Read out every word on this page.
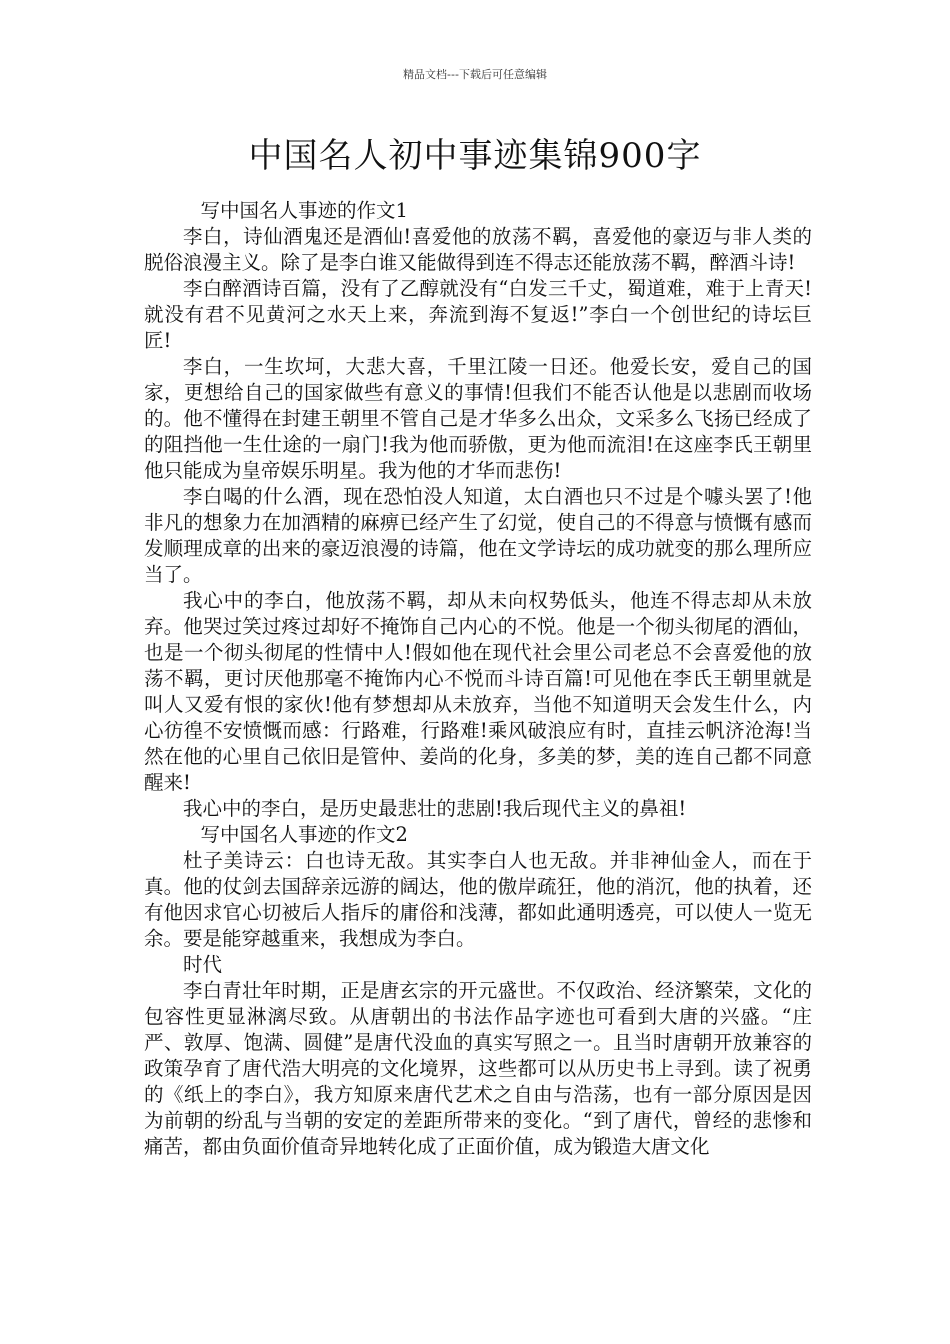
精品文档---下载后可任意编辑
中国名人初中事迹集锦900字

写中国名人事迹的作文1

李白，诗仙酒鬼还是酒仙!喜爱他的放荡不羁，喜爱他的豪迈与非人类的脱俗浪漫主义。除了是李白谁又能做得到连不得志还能放荡不羁，醉酒斗诗!

李白醉酒诗百篇，没有了乙醇就没有“白发三千丈，蜀道难，难于上青天!就没有君不见黄河之水天上来，奔流到海不复返!”李白一个创世纪的诗坛巨匠!

李白，一生坎坷，大悲大喜，千里江陵一日还。他爱长安，爱自己的国家，更想给自己的国家做些有意义的事情!但我们不能否认他是以悲剧而收场的。他不懂得在封建王朝里不管自己是才华多么出众，文采多么飞扬已经成了的阻挡他一生仕途的一扇门!我为他而骄傲，更为他而流泪!在这座李氏王朝里他只能成为皇帝娱乐明星。我为他的才华而悲伤!

李白喝的什么酒，现在恐怕没人知道，太白酒也只不过是个噱头罢了!他非凡的想象力在加酒精的麻痹已经产生了幻觉，使自己的不得意与愤慨有感而发顺理成章的出来的豪迈浪漫的诗篇，他在文学诗坛的成功就变的那么理所应当了。

我心中的李白，他放荡不羁，却从未向权势低头，他连不得志却从未放弃。他哭过笑过疼过却好不掩饰自己内心的不悦。他是一个彻头彻尾的酒仙，也是一个彻头彻尾的性情中人!假如他在现代社会里公司老总不会喜爱他的放荡不羁，更讨厌他那毫不掩饰内心不悦而斗诗百篇!可见他在李氏王朝里就是叫人又爱有恨的家伙!他有梦想却从未放弃，当他不知道明天会发生什么，内心彷徨不安愤慨而感：行路难，行路难!乘风破浪应有时，直挂云帆济沧海!当然在他的心里自己依旧是管仲、姜尚的化身，多美的梦，美的连自己都不同意醒来!

我心中的李白，是历史最悲壮的悲剧!我后现代主义的鼻祖!

写中国名人事迹的作文2

杜子美诗云：白也诗无敌。其实李白人也无敌。并非神仙金人，而在于真。他的仗剑去国辞亲远游的阔达，他的傲岸疏狂，他的消沉，他的执着，还有他因求官心切被后人指斥的庸俗和浅薄，都如此通明透亮，可以使人一览无余。要是能穿越重来，我想成为李白。

时代

李白青壮年时期，正是唐玄宗的开元盛世。不仅政治、经济繁荣，文化的包容性更显淋漓尽致。从唐朝出的书法作品字迹也可看到大唐的兴盛。“庄严、敦厚、饱满、圆健”是唐代没血的真实写照之一。且当时唐朝开放兼容的政策孕育了唐代浩大明亮的文化境界，这些都可以从历史书上寻到。读了祝勇的《纸上的李白》，我方知原来唐代艺术之自由与浩荡，也有一部分原因是因为前朝的纷乱与当朝的安定的差距所带来的变化。“到了唐代，曾经的悲惨和痛苦，都由负面价值奇异地转化成了正面价值，成为锻造大唐文化
